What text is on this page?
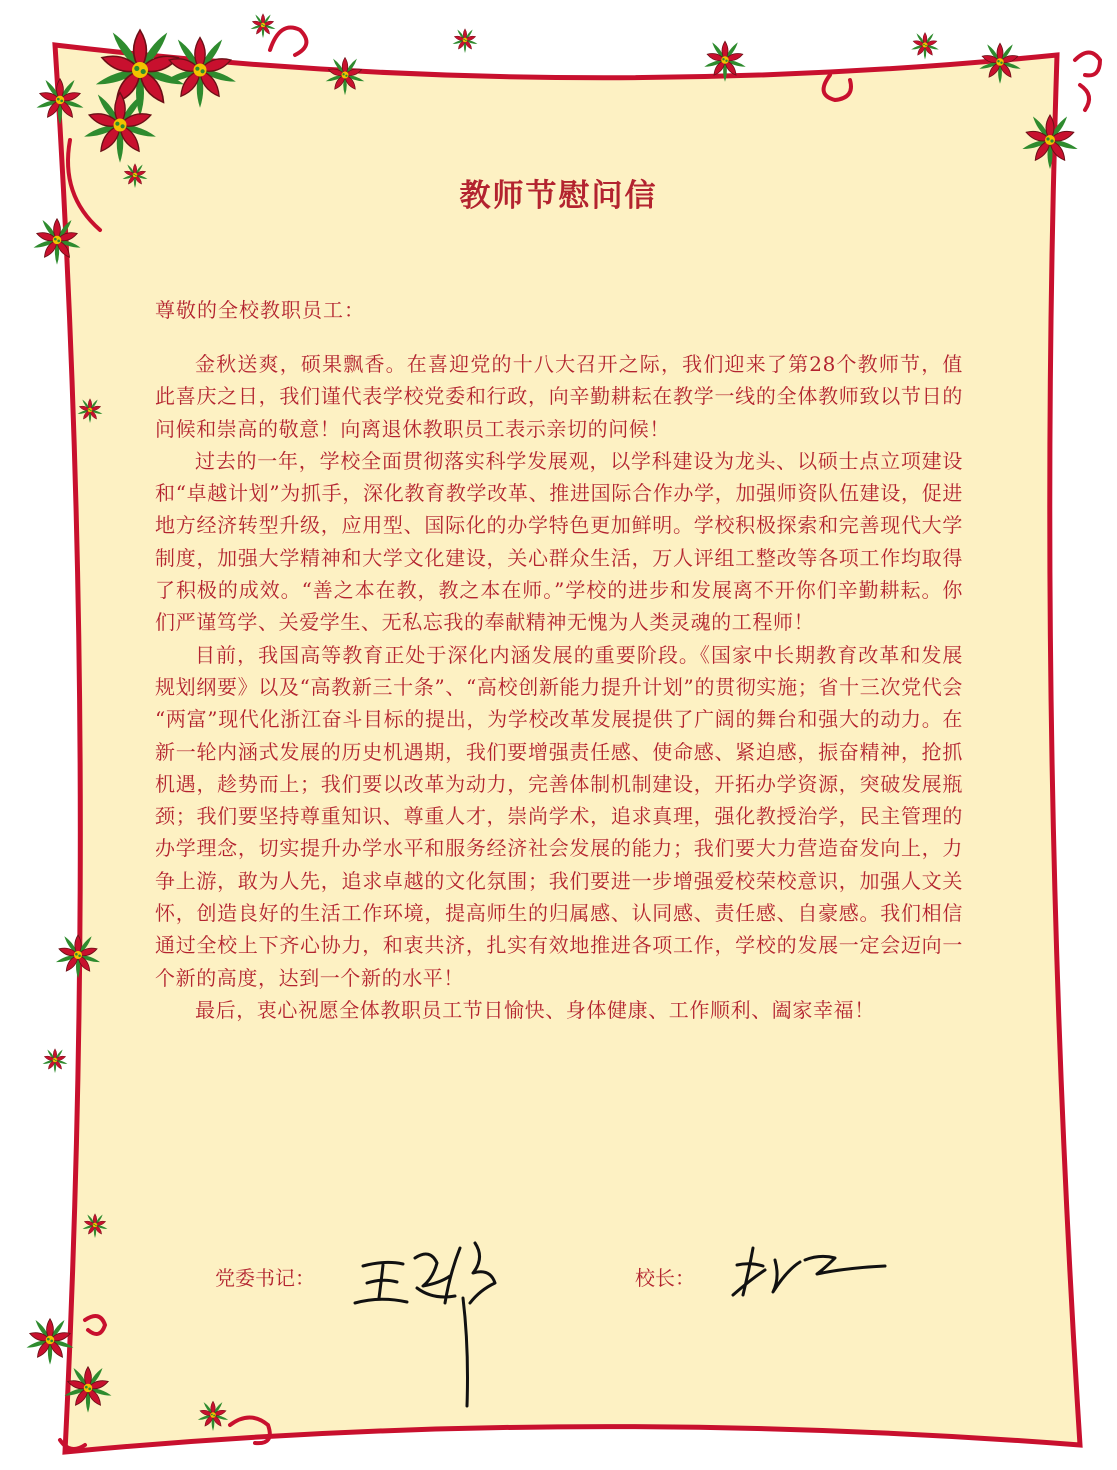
教师节慰问信

尊敬的全校教职员工：

金秋送爽，硕果飘香。在喜迎党的十八大召开之际，我们迎来了第28个教师节，值此喜庆之日，我们谨代表学校党委和行政，向辛勤耕耘在教学一线的全体教师致以节日的问候和崇高的敬意！向离退休教职员工表示亲切的问候！

过去的一年，学校全面贯彻落实科学发展观，以学科建设为龙头、以硕士点立项建设和“卓越计划”为抓手，深化教育教学改革、推进国际合作办学，加强师资队伍建设，促进地方经济转型升级，应用型、国际化的办学特色更加鲜明。学校积极探索和完善现代大学制度，加强大学精神和大学文化建设，关心群众生活，万人评组工整改等各项工作均取得了积极的成效。“善之本在教，教之本在师。”学校的进步和发展离不开你们辛勤耕耘。你们严谨笃学、关爱学生、无私忘我的奉献精神无愧为人类灵魂的工程师！

目前，我国高等教育正处于深化内涵发展的重要阶段。《国家中长期教育改革和发展规划纲要》以及“高教新三十条”、“高校创新能力提升计划”的贯彻实施；省十三次党代会 “两富”现代化浙江奋斗目标的提出，为学校改革发展提供了广阔的舞台和强大的动力。在新一轮内涵式发展的历史机遇期，我们要增强责任感、使命感、紧迫感，振奋精神，抢抓机遇，趁势而上；我们要以改革为动力，完善体制机制建设，开拓办学资源，突破发展瓶颈；我们要坚持尊重知识、尊重人才，崇尚学术，追求真理，强化教授治学，民主管理的办学理念，切实提升办学水平和服务经济社会发展的能力；我们要大力营造奋发向上，力争上游，敢为人先，追求卓越的文化氛围；我们要进一步增强爱校荣校意识，加强人文关怀，创造良好的生活工作环境，提高师生的归属感、认同感、责任感、自豪感。我们相信通过全校上下齐心协力，和衷共济，扎实有效地推进各项工作，学校的发展一定会迈向一个新的高度，达到一个新的水平！

最后，衷心祝愿全体教职员工节日愉快、身体健康、工作顺利、阖家幸福！

党委书记：	校长：
